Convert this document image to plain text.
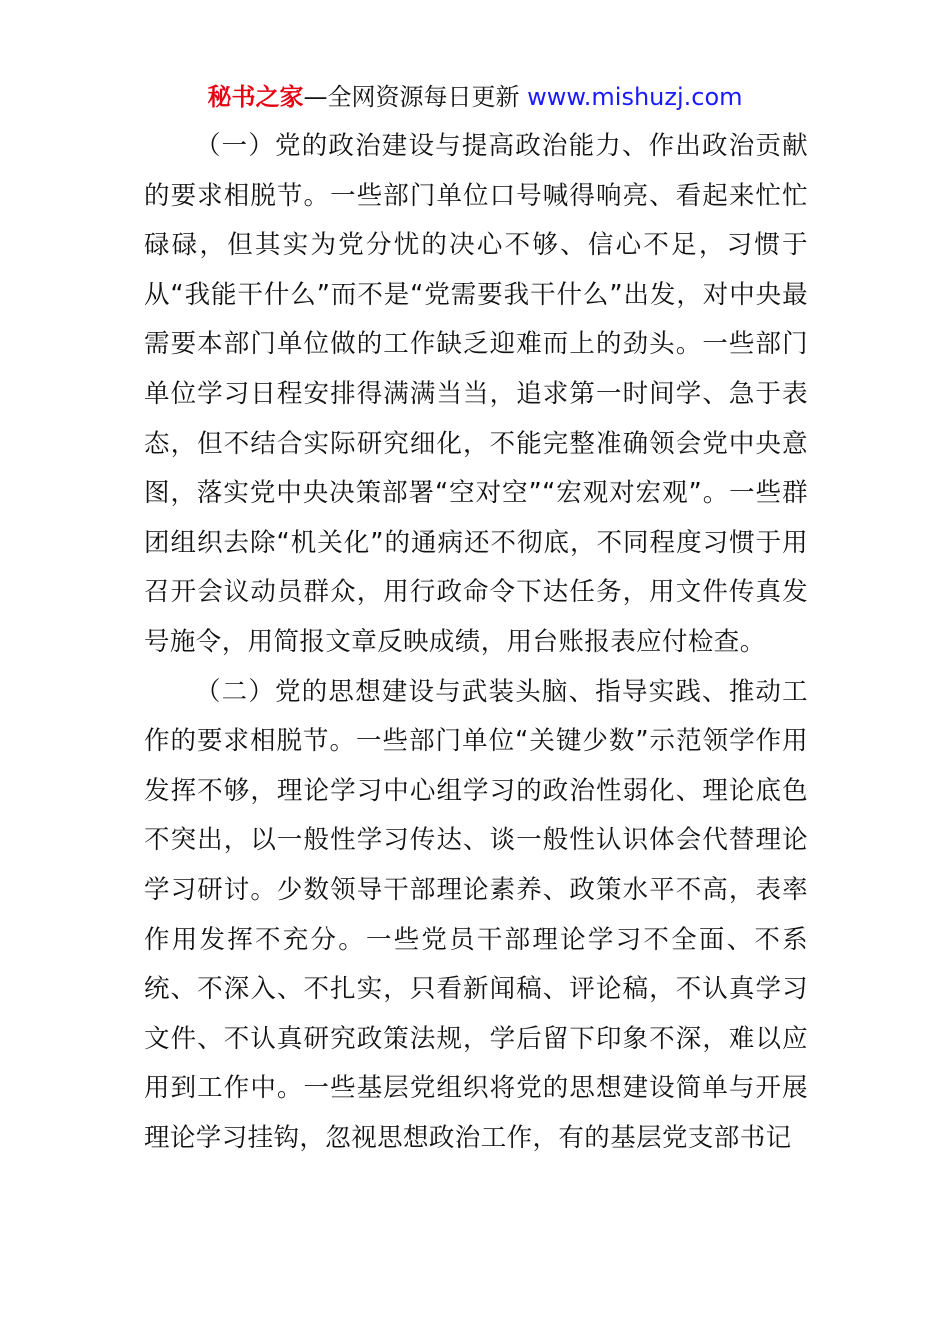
秘书之家—全网资源每日更新 www.mishuzj.com

（一）党的政治建设与提高政治能力、作出政治贡献的要求相脱节。一些部门单位口号喊得响亮、看起来忙忙碌碌，但其实为党分忧的决心不够、信心不足，习惯于从“我能干什么”而不是“党需要我干什么”出发，对中央最需要本部门单位做的工作缺乏迎难而上的劲头。一些部门单位学习日程安排得满满当当，追求第一时间学、急于表态，但不结合实际研究细化，不能完整准确领会党中央意图，落实党中央决策部署“空对空”“宏观对宏观”。一些群团组织去除“机关化”的通病还不彻底，不同程度习惯于用召开会议动员群众，用行政命令下达任务，用文件传真发号施令，用简报文章反映成绩，用台账报表应付检查。

（二）党的思想建设与武装头脑、指导实践、推动工作的要求相脱节。一些部门单位“关键少数”示范领学作用发挥不够，理论学习中心组学习的政治性弱化、理论底色不突出，以一般性学习传达、谈一般性认识体会代替理论学习研讨。少数领导干部理论素养、政策水平不高，表率作用发挥不充分。一些党员干部理论学习不全面、不系统、不深入、不扎实，只看新闻稿、评论稿，不认真学习文件、不认真研究政策法规，学后留下印象不深，难以应用到工作中。一些基层党组织将党的思想建设简单与开展理论学习挂钩，忽视思想政治工作，有的基层党支部书记
